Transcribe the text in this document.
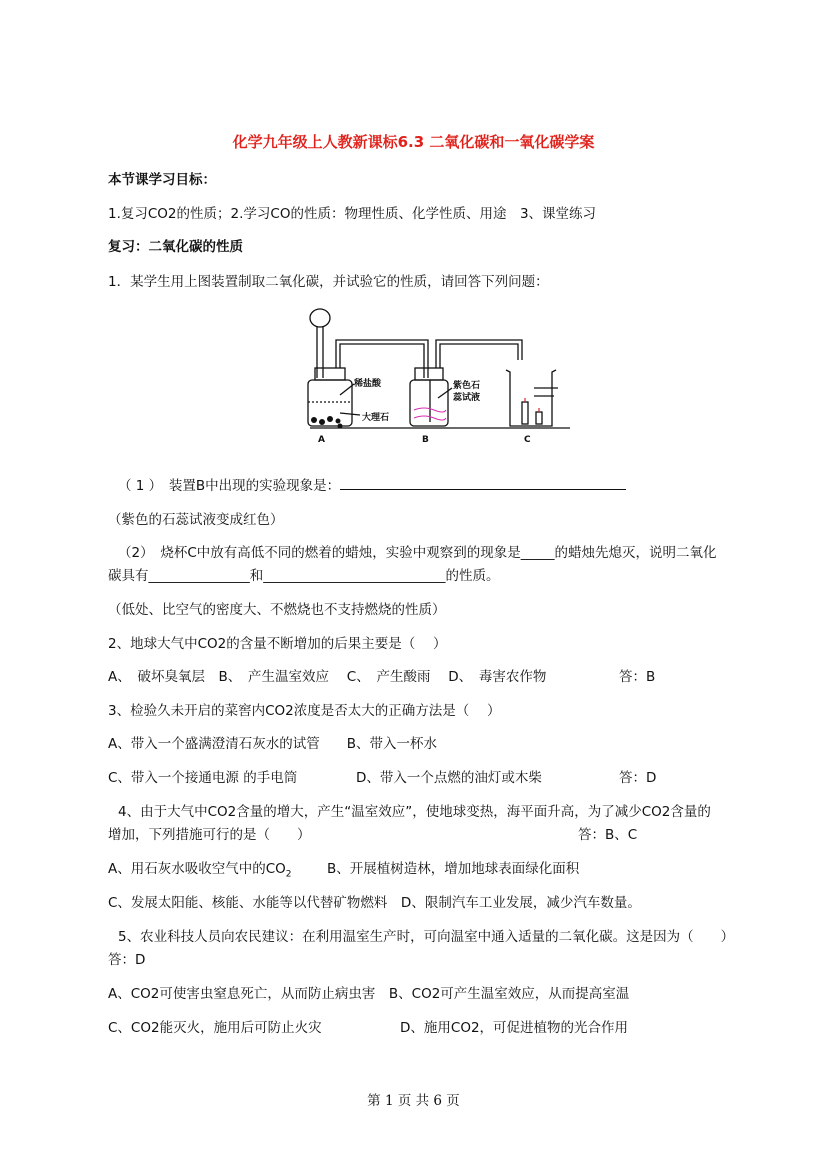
化学九年级上人教新课标6.3 二氧化碳和一氧化碳学案
本节课学习目标：
1.复习CO2的性质；2.学习CO的性质：物理性质、化学性质、用途　3、课堂练习
复习：二氧化碳的性质
1．某学生用上图装置制取二氧化碳，并试验它的性质，请回答下列问题：
稀盐酸
大理石
紫色石
蕊试液
A	B	C
（ 1 ）　装置B中出现的实验现象是：
（紫色的石蕊试液变成红色）
（2）　烧杯C中放有高低不同的燃着的蜡烛，实验中观察到的现象是_____的蜡烛先熄灭，说明二氧化
碳具有_______________和___________________________的性质。
（低处、比空气的密度大、不燃烧也不支持燃烧的性质）
2、地球大气中CO2的含量不断增加的后果主要是（　 ）
A、　破坏臭氧层　B、　产生温室效应　 C、　产生酸雨　 D、　毒害农作物	答：B
3、检验久未开启的菜窖内CO2浓度是否太大的正确方法是（　 ）
A、带入一个盛满澄清石灰水的试管　　B、带入一杯水
C、带入一个接通电源 的手电筒	D、带入一个点燃的油灯或木柴	答：D
4、由于大气中CO2含量的增大，产生“温室效应”，使地球变热，海平面升高，为了减少CO2含量的
增加，下列措施可行的是（　　）	答：B、C
A、用石灰水吸收空气中的$CO_2$	B、开展植树造林，增加地球表面绿化面积
C、发展太阳能、核能、水能等以代替矿物燃料　D、限制汽车工业发展，减少汽车数量。
5、农业科技人员向农民建议：在利用温室生产时，可向温室中通入适量的二氧化碳。这是因为（　　）
答：D
A、CO2可使害虫窒息死亡，从而防止病虫害　B、CO2可产生温室效应，从而提高室温
C、CO2能灭火，施用后可防止火灾	D、施用CO2，可促进植物的光合作用
第 1 页 共 6 页
